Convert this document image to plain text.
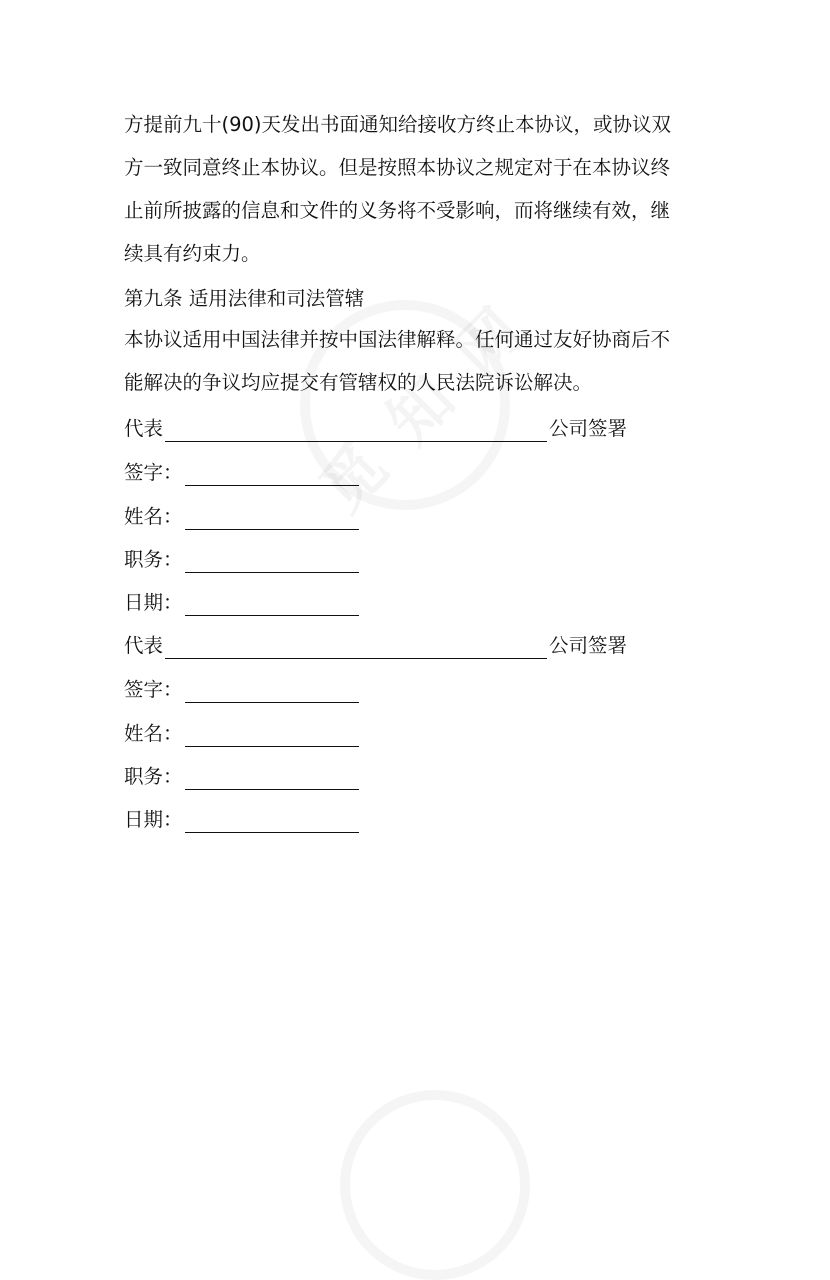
方提前九十(90)天发出书面通知给接收方终止本协议，或协议双
方一致同意终止本协议。但是按照本协议之规定对于在本协议终
止前所披露的信息和文件的义务将不受影响，而将继续有效，继
续具有约束力。
第九条 适用法律和司法管辖
本协议适用中国法律并按中国法律解释。任何通过友好协商后不
能解决的争议均应提交有管辖权的人民法院诉讼解决。
代表	公司签署
签字：
姓名：
职务：
日期：
代表	公司签署
签字：
姓名：
职务：
日期：
